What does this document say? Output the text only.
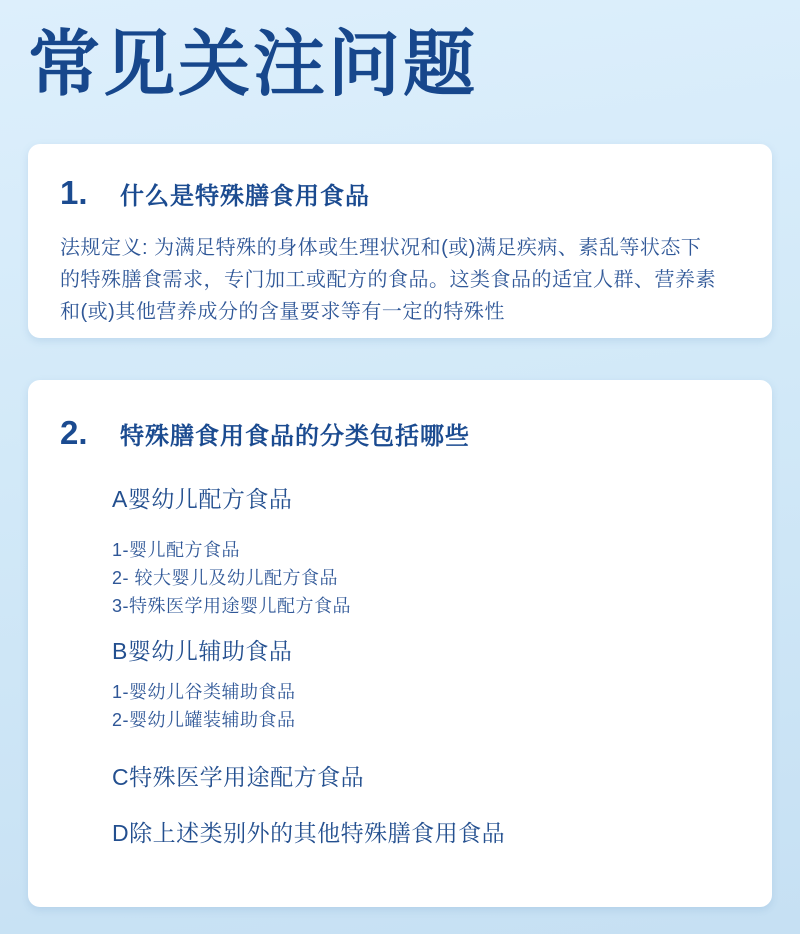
常见关注问题
1.	什么是特殊膳食用食品

法规定义: 为满足特殊的身体或生理状况和(或)满足疾病、素乱等状态下的特殊膳食需求，专门加工或配方的食品。这类食品的适宜人群、营养素和(或)其他营养成分的含量要求等有一定的特殊性

2.	特殊膳食用食品的分类包括哪些
A婴幼儿配方食品
1-婴儿配方食品
2- 较大婴儿及幼儿配方食品
3-特殊医学用途婴儿配方食品
B婴幼儿辅助食品
1-婴幼儿谷类辅助食品
2-婴幼儿罐装辅助食品
C特殊医学用途配方食品
D除上述类别外的其他特殊膳食用食品
